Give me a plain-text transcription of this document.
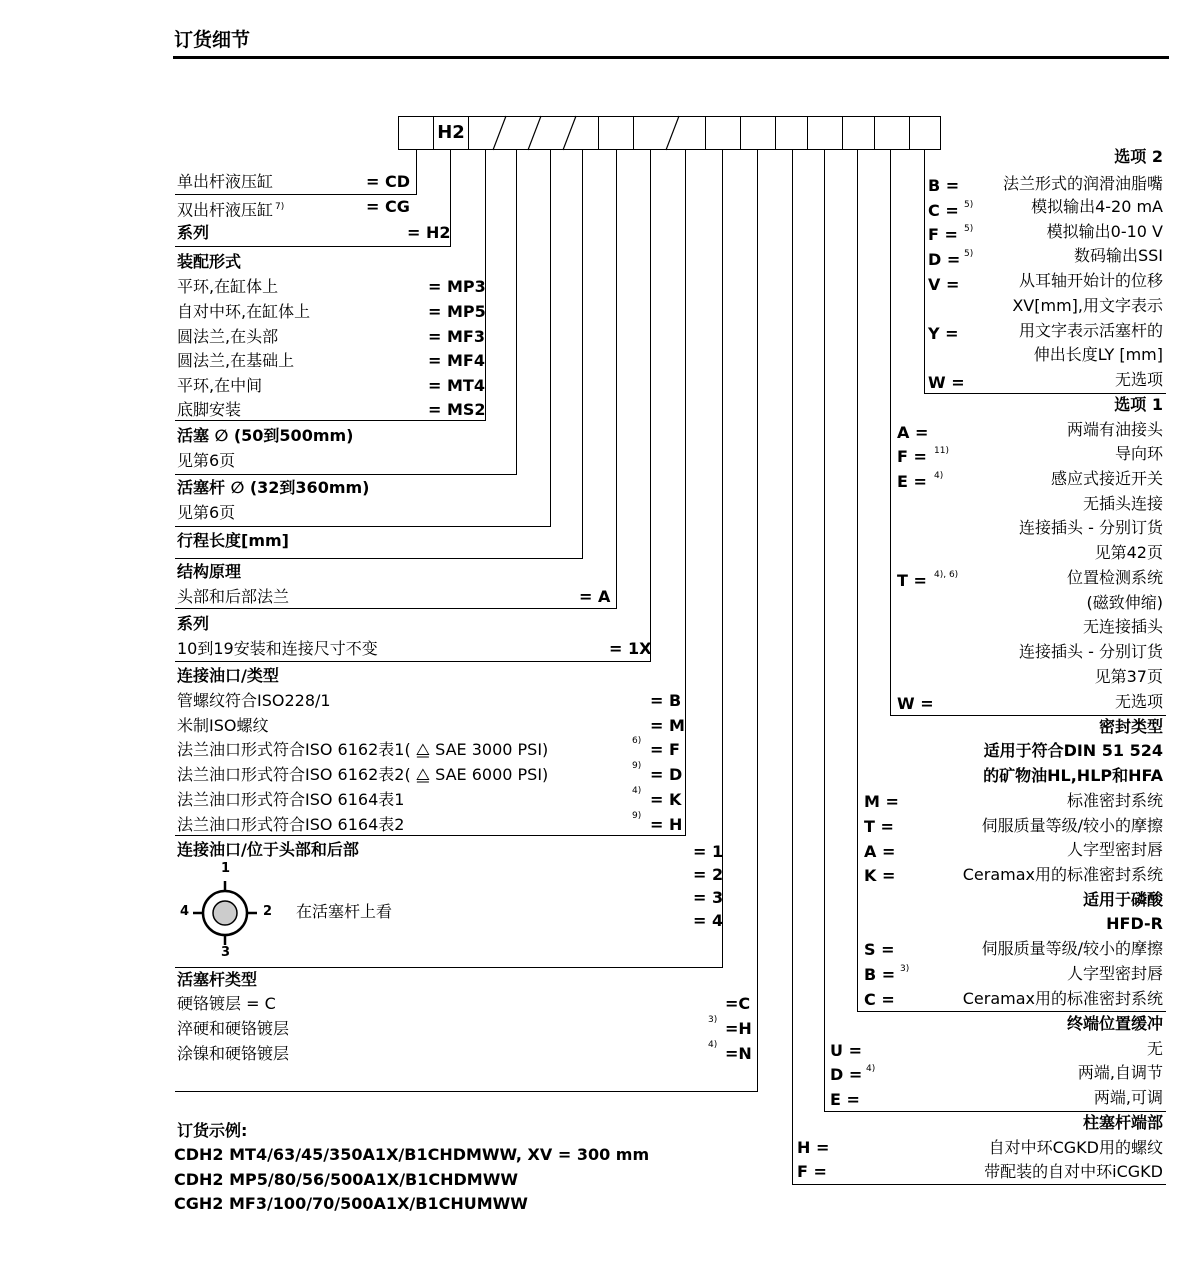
订货细节
H2
单出杆液压缸	= CD
双出杆液压缸 $^{7)}$	= CG
系列	= H2
装配形式
平环,在缸体上	= MP3
自对中环,在缸体上	= MP5
圆法兰,在头部	= MF3
圆法兰,在基础上	= MF4
平环,在中间	= MT4
底脚安装	= MS2
活塞 ∅ (50到500mm)
见第6页
活塞杆 ∅ (32到360mm)
见第6页
行程长度[mm]
结构原理
头部和后部法兰	= A
系列
10到19安装和连接尺寸不变	= 1X
连接油口/类型
管螺纹符合ISO228/1	= B
米制ISO螺纹	= M
法兰油口形式符合ISO 6162表1( ⧋ SAE 3000 PSI)	6) = F
法兰油口形式符合ISO 6162表2( ⧋ SAE 6000 PSI)	9) = D
法兰油口形式符合ISO 6164表1	4) = K
法兰油口形式符合ISO 6164表2	9) = H
连接油口/位于头部和后部	= 1
= 2
= 3
= 4
1
2
3
4	在活塞杆上看
活塞杆类型
硬铬镀层 = C	=C
淬硬和硬铬镀层	3) =H
涂镍和硬铬镀层	4) =N
订货示例:
CDH2 MT4/63/45/350A1X/B1CHDMWW, XV = 300 mm
CDH2 MP5/80/56/500A1X/B1CHDMWW
CGH2 MF3/100/70/500A1X/B1CHUMWW
选项 2
B =	法兰形式的润滑油脂嘴
C = 5)	模拟输出4-20 mA
F = 5)	模拟输出0-10 V
D = 5)	数码输出SSI
V =	从耳轴开始计的位移
XV[mm],用文字表示
Y =	用文字表示活塞杆的
伸出长度LY [mm]
W =	无选项
选项 1
A =	两端有油接头
F = 11)	导向环
E = 4)	感应式接近开关
无插头连接
连接插头 - 分别订货
见第42页
T = 4), 6)	位置检测系统
(磁致伸缩)
无连接插头
连接插头 - 分别订货
见第37页
W =	无选项
密封类型
适用于符合DIN 51 524
的矿物油HL,HLP和HFA
M =	标准密封系统
T =	伺服质量等级/较小的摩擦
A =	人字型密封唇
K =	Ceramax用的标准密封系统
适用于磷酸
HFD-R
S =	伺服质量等级/较小的摩擦
B = 3)	人字型密封唇
C =	Ceramax用的标准密封系统
终端位置缓冲
U =	无
D = 4)	两端,自调节
E =	两端,可调
柱塞杆端部
H =	自对中环CGKD用的螺纹
F =	带配装的自对中环iCGKD
